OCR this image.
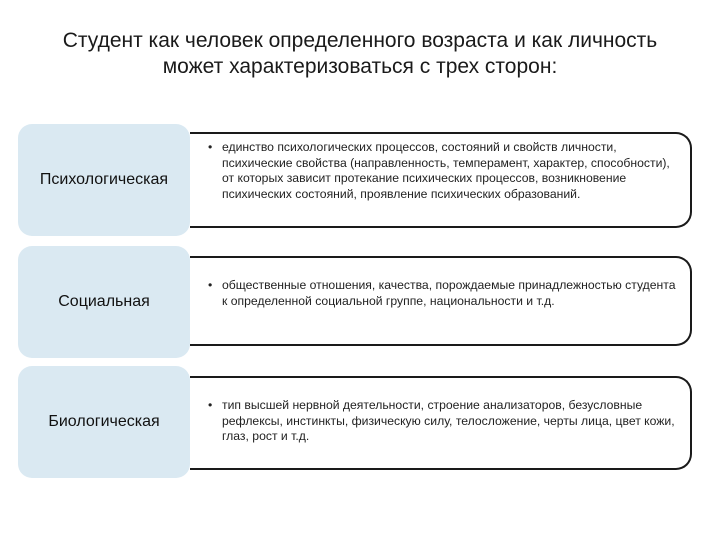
Студент как человек определенного возраста и как личность может характеризоваться с трех сторон:
Психологическая
• единство психологических процессов, состояний и свойств личности, психические свойства (направленность, темперамент, характер, способности), от которых зависит протекание психических процессов, возникновение психических состояний, проявление психических образований.
Социальная
• общественные отношения, качества, порождаемые принадлежностью студента к определенной социальной группе, национальности и т.д.
Биологическая
• тип высшей нервной деятельности, строение анализаторов, безусловные рефлексы, инстинкты, физическую силу, телосложение, черты лица, цвет кожи, глаз, рост и т.д.
